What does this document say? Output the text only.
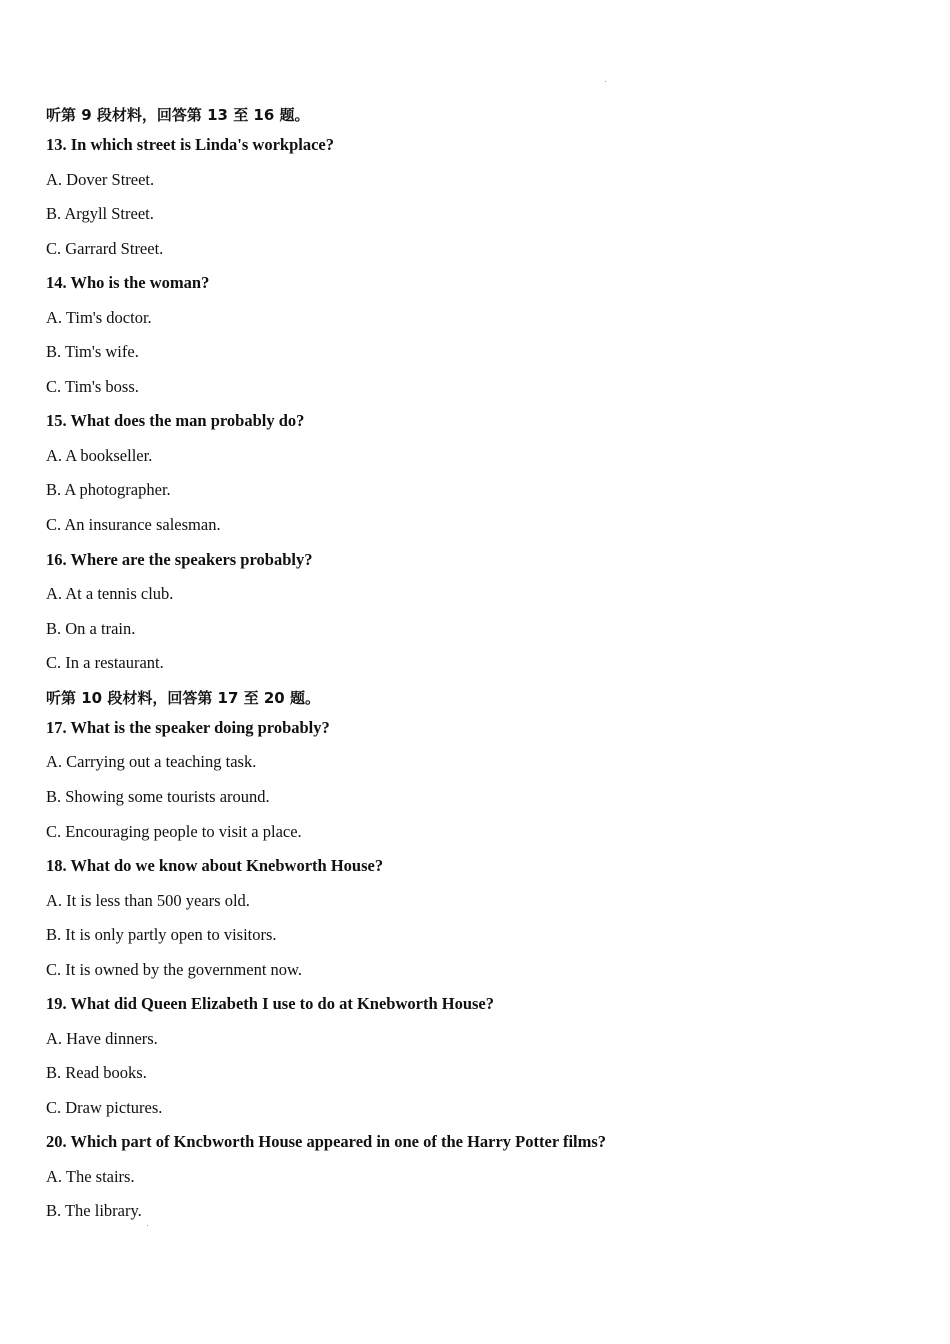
听第 9 段材料，回答第 13 至 16 题。
13. In which street is Linda's workplace?
A. Dover Street.
B. Argyll Street.
C. Garrard Street.
14. Who is the woman?
A. Tim's doctor.
B. Tim's wife.
C. Tim's boss.
15. What does the man probably do?
A. A bookseller.
B. A photographer.
C. An insurance salesman.
16. Where are the speakers probably?
A. At a tennis club.
B. On a train.
C. In a restaurant.
听第 10 段材料，回答第 17 至 20 题。
17. What is the speaker doing probably?
A. Carrying out a teaching task.
B. Showing some tourists around.
C. Encouraging people to visit a place.
18. What do we know about Knebworth House?
A. It is less than 500 years old.
B. It is only partly open to visitors.
C. It is owned by the government now.
19. What did Queen Elizabeth I use to do at Knebworth House?
A. Have dinners.
B. Read books.
C. Draw pictures.
20. Which part of Kncbworth House appeared in one of the Harry Potter films?
A. The stairs.
B. The library.
